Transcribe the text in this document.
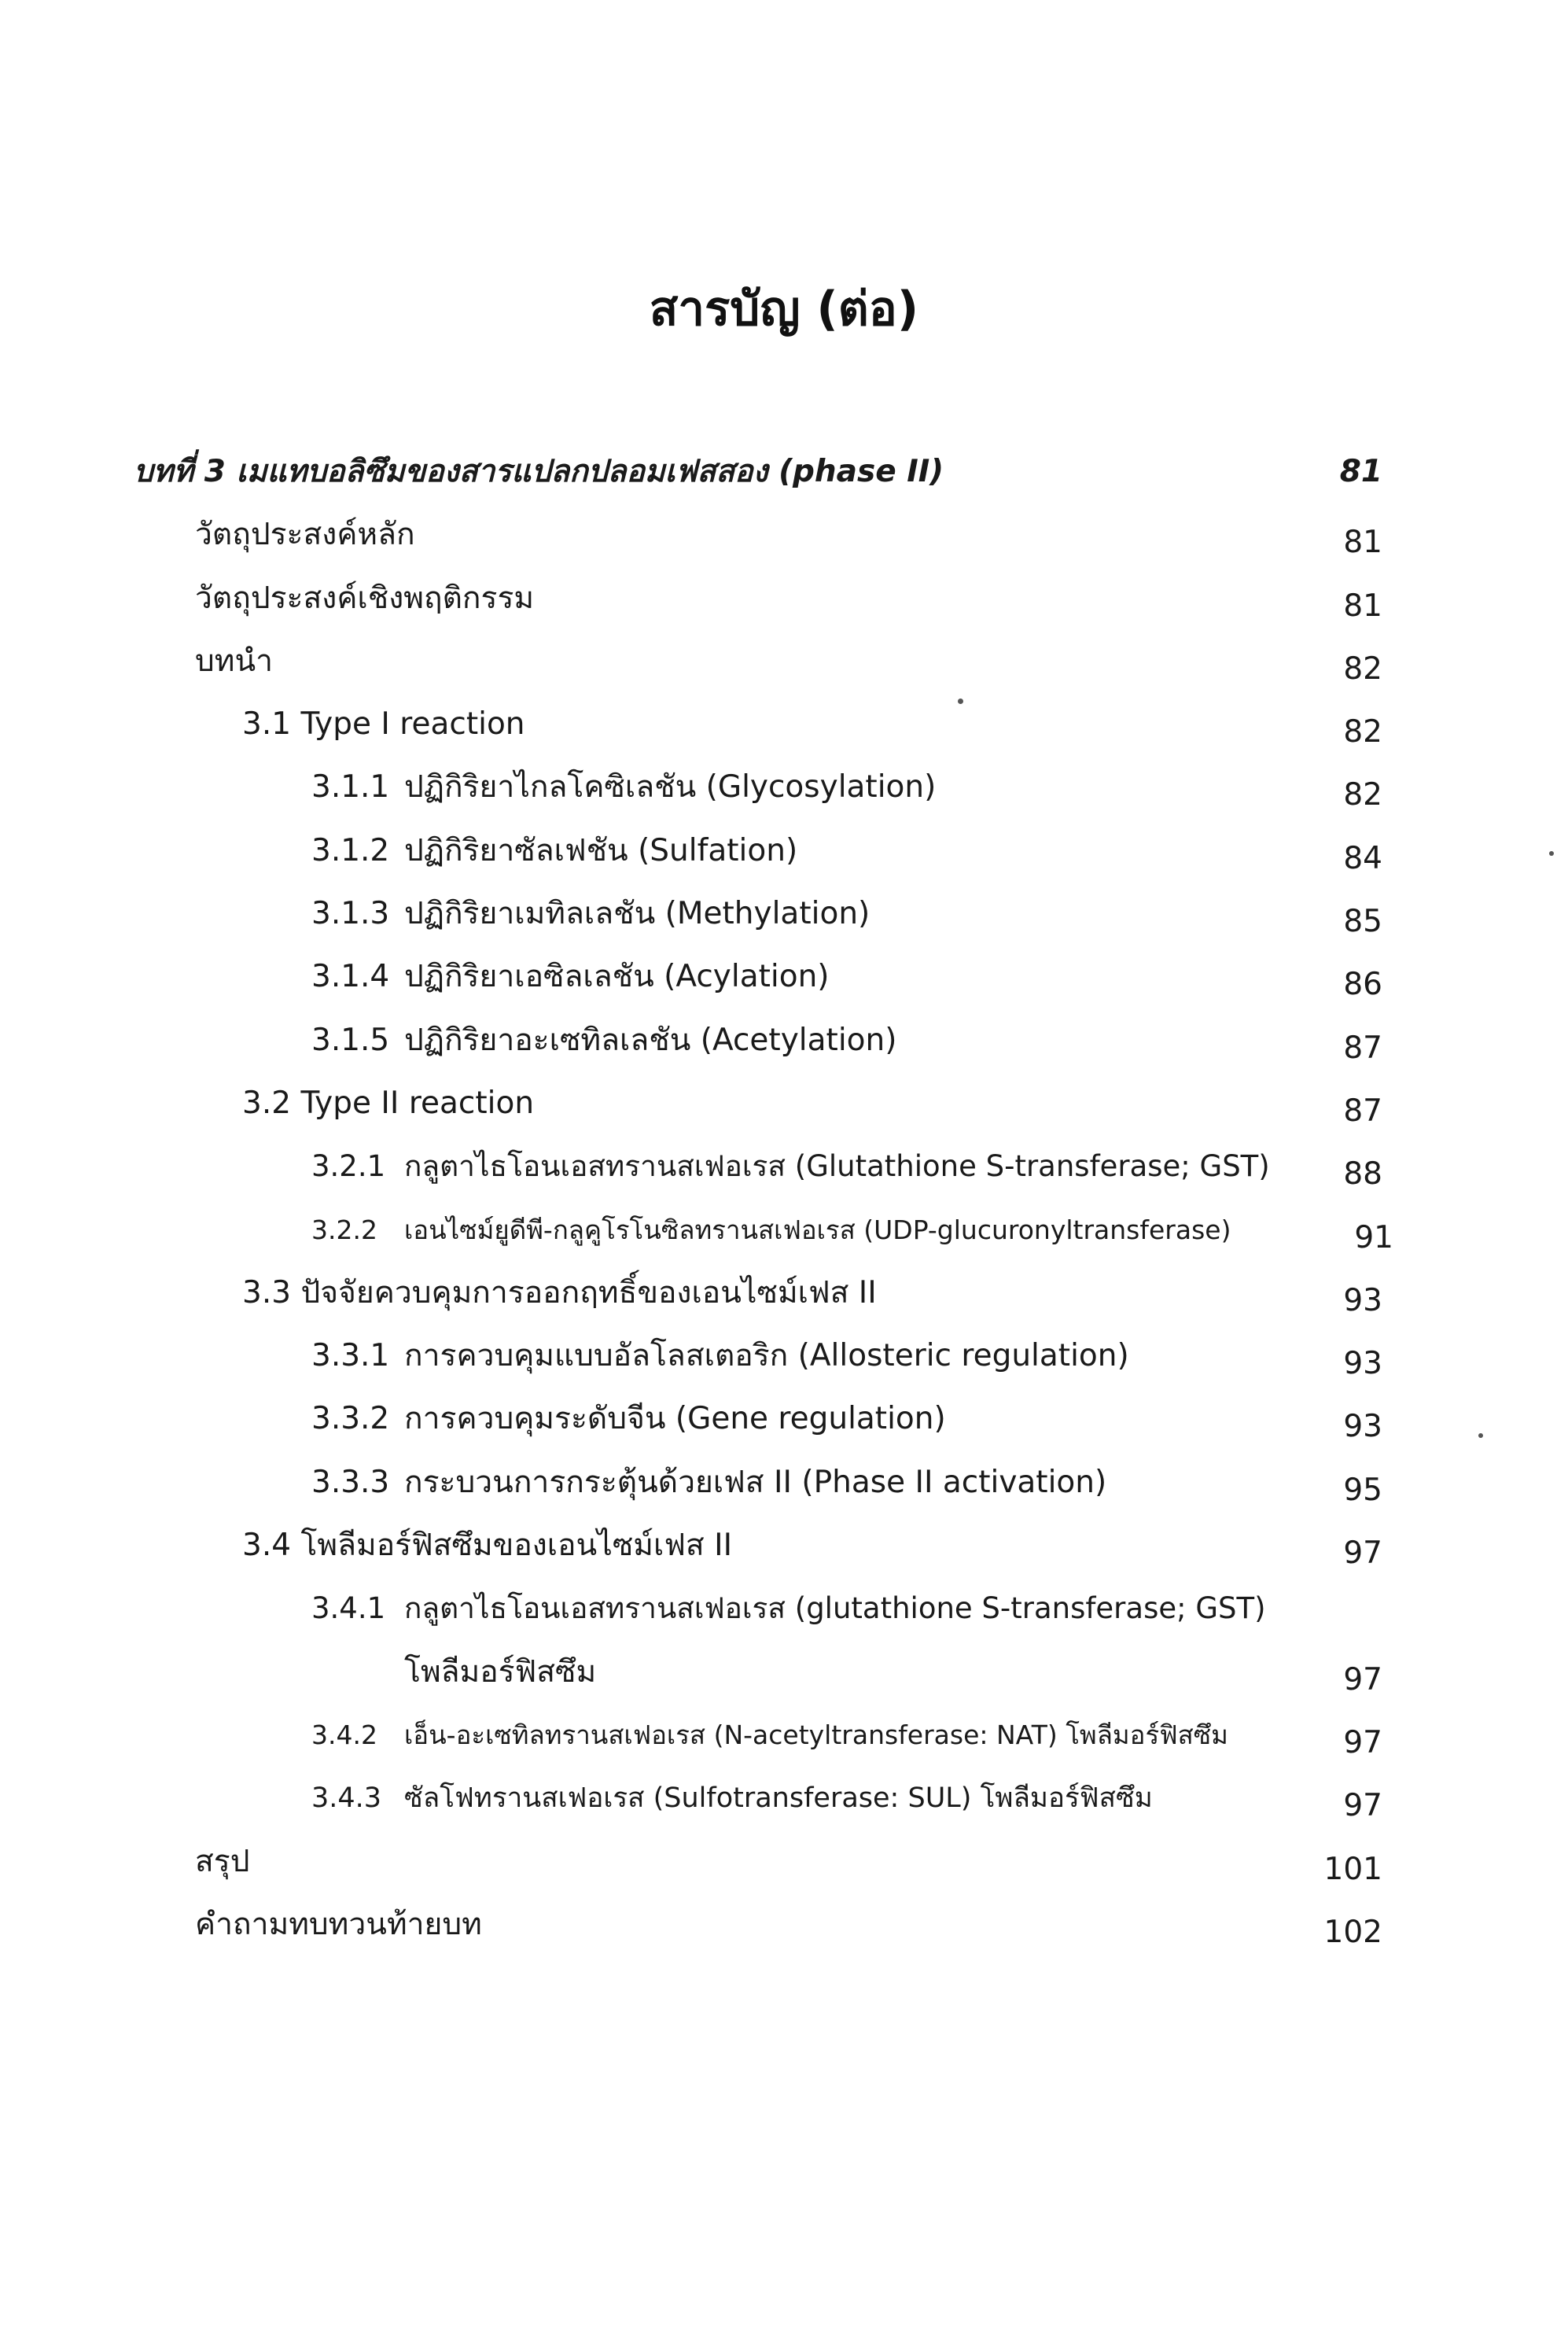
สารบัญ (ต่อ)
บทที่ 3 เมแทบอลิซึมของสารแปลกปลอมเฟสสอง (phase II)	81
วัตถุประสงค์หลัก	81
วัตถุประสงค์เชิงพฤติกรรม	81
บทนำ	82
3.1 Type I reaction	82
3.1.1 ปฏิกิริยาไกลโคซิเลชัน (Glycosylation)	82
3.1.2 ปฏิกิริยาซัลเฟชัน (Sulfation)	84
3.1.3 ปฏิกิริยาเมทิลเลชัน (Methylation)	85
3.1.4 ปฏิกิริยาเอซิลเลชัน (Acylation)	86
3.1.5 ปฏิกิริยาอะเซทิลเลชัน (Acetylation)	87
3.2 Type II reaction	87
3.2.1 กลูตาไธโอนเอสทรานสเฟอเรส (Glutathione S-transferase; GST) 88
3.2.2 เอนไซม์ยูดีพี-กลูคูโรโนซิลทรานสเฟอเรส (UDP-glucuronyltransferase)	91
3.3 ปัจจัยควบคุมการออกฤทธิ์ของเอนไซม์เฟส II	93
3.3.1 การควบคุมแบบอัลโลสเตอริก (Allosteric regulation)	93
3.3.2 การควบคุมระดับจีน (Gene regulation)	93
3.3.3 กระบวนการกระตุ้นด้วยเฟส II (Phase II activation)	95
3.4 โพลีมอร์ฟิสซึมของเอนไซม์เฟส II	97
3.4.1 กลูตาไธโอนเอสทรานสเฟอเรส (glutathione S-transferase; GST)
โพลีมอร์ฟิสซึม	97
3.4.2 เอ็น-อะเซทิลทรานสเฟอเรส (N-acetyltransferase: NAT) โพลีมอร์ฟิสซึม	97
3.4.3 ซัลโฟทรานสเฟอเรส (Sulfotransferase: SUL) โพลีมอร์ฟิสซึม	97
สรุป	101
คำถามทบทวนท้ายบท	102
